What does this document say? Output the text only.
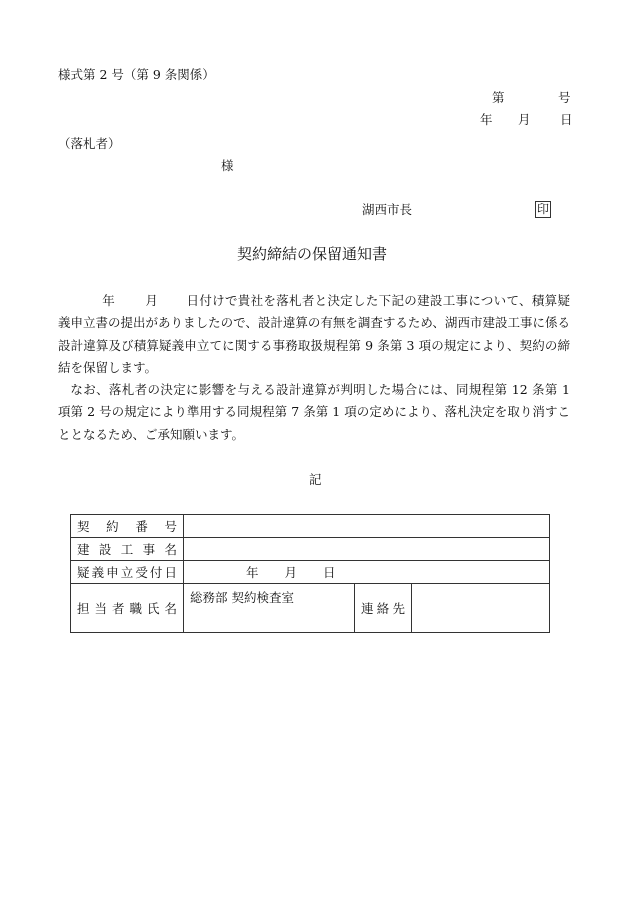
様式第 2 号（第 9 条関係）
第	号
年 月 日
（落札者）
様
湖西市長	印
契約締結の保留通知書

年 月 日付けで貴社を落札者と決定した下記の建設工事について、積算疑義申立書の提出がありましたので、設計違算の有無を調査するため、湖西市建設工事に係る設計違算及び積算疑義申立てに関する事務取扱規程第 9 条第 3 項の規定により、契約の締結を保留します。

なお、落札者の決定に影響を与える設計違算が判明した場合には、同規程第 12 条第 1 項第 2 号の規定により準用する同規程第 7 条第 1 項の定めにより、落札決定を取り消すこととなるため、ご承知願います。

記
契約番号			
建設工事名			
疑義申立受付日	年 月 日		
担当者職氏名	総務部 契約検査室	連絡先	
